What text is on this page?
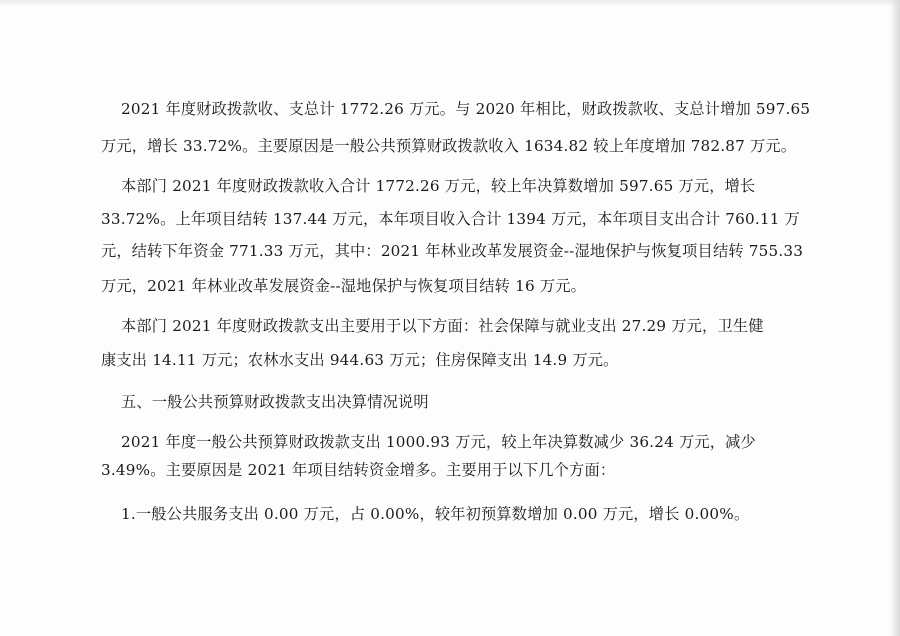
2021 年度财政拨款收、支总计 1772.26 万元。与 2020 年相比，财政拨款收、支总计增加 597.65
万元，增长 33.72%。主要原因是一般公共预算财政拨款收入 1634.82 较上年度增加 782.87 万元。
本部门 2021 年度财政拨款收入合计 1772.26 万元，较上年决算数增加 597.65 万元，增长
33.72%。上年项目结转 137.44 万元，本年项目收入合计 1394 万元，本年项目支出合计 760.11 万
元，结转下年资金 771.33 万元，其中：2021 年林业改革发展资金--湿地保护与恢复项目结转 755.33
万元，2021 年林业改革发展资金--湿地保护与恢复项目结转 16 万元。
本部门 2021 年度财政拨款支出主要用于以下方面：社会保障与就业支出 27.29 万元，卫生健
康支出 14.11 万元；农林水支出 944.63 万元；住房保障支出 14.9 万元。
五、一般公共预算财政拨款支出决算情况说明
2021 年度一般公共预算财政拨款支出 1000.93 万元，较上年决算数减少 36.24 万元，减少
3.49%。主要原因是 2021 年项目结转资金增多。主要用于以下几个方面：
1.一般公共服务支出 0.00 万元，占 0.00%，较年初预算数增加 0.00 万元，增长 0.00%。
